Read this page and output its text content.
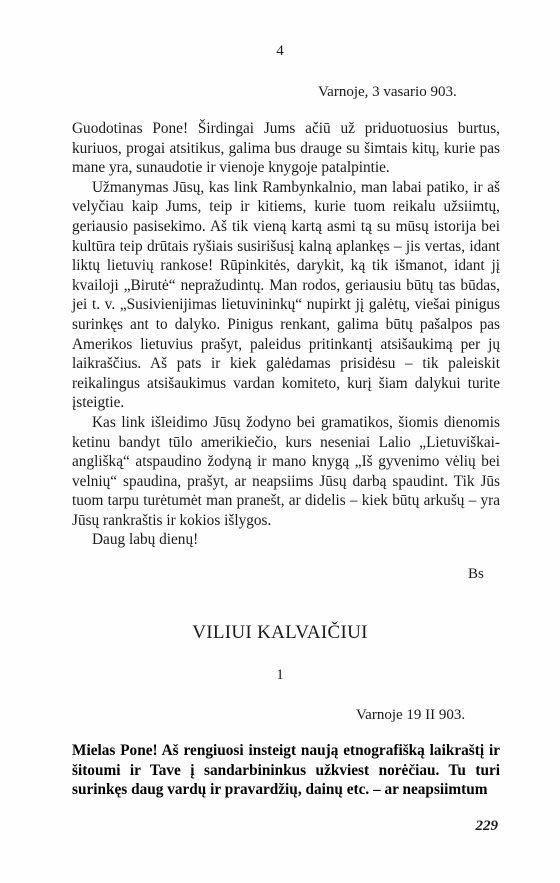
4
Varnoje, 3 vasario 903.

Guodotinas Pone! Širdingai Jums ačiū už priduotuosius burtus, kuriuos, progai atsitikus, galima bus drauge su šimtais kitų, kurie pas mane yra, sunaudotie ir vienoje knygoje patalpintie.

Užmanymas Jūsų, kas link Rambynkalnio, man labai patiko, ir aš velyčiau kaip Jums, teip ir kitiems, kurie tuom reikalu užsiimtų, geriausio pasisekimo. Aš tik vieną kartą asmi tą su mūsų istorija bei kultūra teip drūtais ryšiais susirišusį kalną aplankęs – jis vertas, idant liktų lietuvių rankose! Rūpinkitės, darykit, ką tik išmanot, idant jį kvailoji „Birutė“ nepražudintų. Man rodos, geriausiu būtų tas būdas, jei t. v. „Susivienijimas lietuvininkų“ nupirkt jį galėtų, viešai pinigus surinkęs ant to dalyko. Pinigus renkant, galima būtų pašalpos pas Amerikos lietuvius prašyt, paleidus pritinkantį atsišaukimą per jų laikraščius. Aš pats ir kiek galėdamas prisidėsu – tik paleiskit reikalingus atsišaukimus vardan komiteto, kurį šiam dalykui turite įsteigtie.

Kas link išleidimo Jūsų žodyno bei gramatikos, šiomis dienomis ketinu bandyt tūlo amerikiečio, kurs neseniai Lalio „Lietuviškai-angliškąׅ“ atspaudino žodyną ir mano knygą „Iš gyvenimo vėlių bei velnių“ spaudina, prašyt, ar neapsiims Jūsų darbą spaudint. Tik Jūs tuom tarpu turėtumėt man pranešt, ar didelis – kiek būtų arkušų – yra Jūsų rankraštis ir kokios išlygos.

Daug labų dienų!

Bs
VILIUI KALVAIČIUI
1
Varnoje 19 II 903.

Mielas Pone! Aš rengiuosi insteigt naują etnografišką laikraštį ir šitoumi ir Tave į sandarbininkus užkviest norėčiau. Tu turi surinkęs daug vardų ir pravardžių, dainų etc. – ar neapsiimtum

229
